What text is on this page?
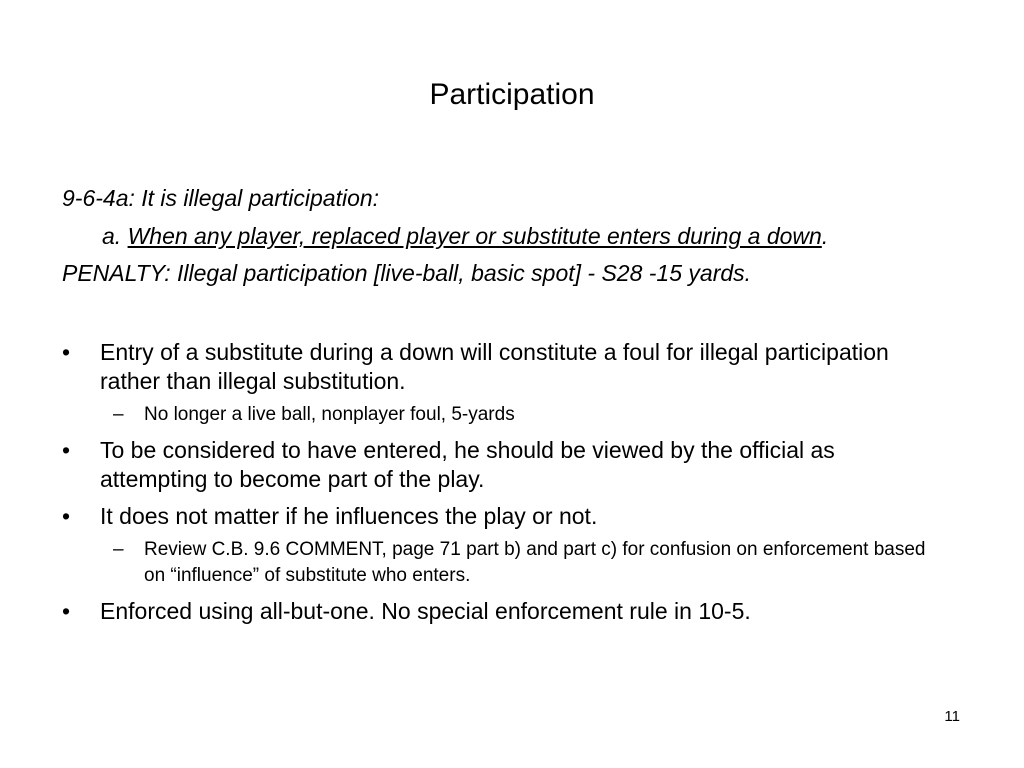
Participation
9-6-4a: It is illegal participation:
a. When any player, replaced player or substitute enters during a down.
PENALTY: Illegal participation [live-ball, basic spot] - S28 -15 yards.
• Entry of a substitute during a down will constitute a foul for illegal participation rather than illegal substitution.
– No longer a live ball, nonplayer foul, 5-yards
• To be considered to have entered, he should be viewed by the official as attempting to become part of the play.
• It does not matter if he influences the play or not.
– Review C.B. 9.6 COMMENT, page 71 part b) and part c) for confusion on enforcement based on “influence” of substitute who enters.
• Enforced using all-but-one. No special enforcement rule in 10-5.
11
